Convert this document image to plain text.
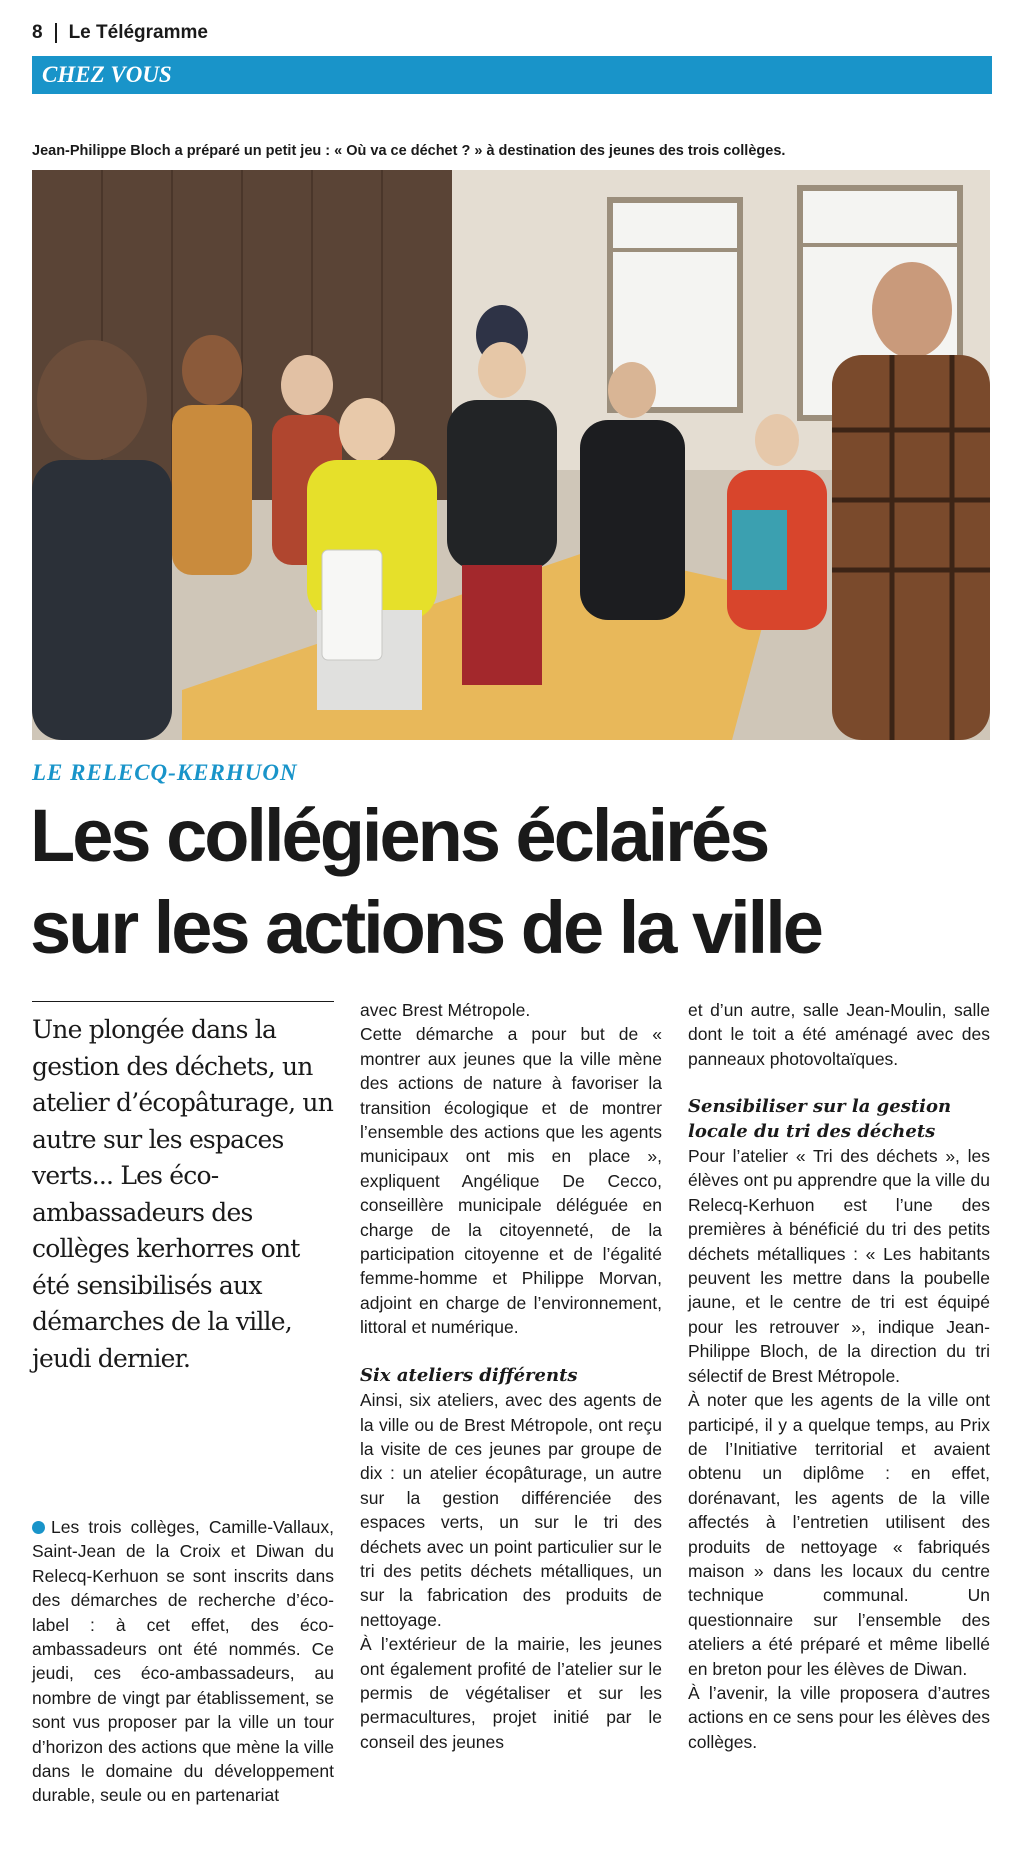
8 Le Télégramme
CHEZ VOUS
Jean-Philippe Bloch a préparé un petit jeu : « Où va ce déchet ? » à destination des jeunes des trois collèges.
LE RELECQ-KERHUON
Les collégiens éclairés
sur les actions de la ville
Une plongée dans la gestion des déchets, un atelier d’écopâturage, un autre sur les espaces verts... Les éco-ambassadeurs des collèges kerhorres ont été sensibilisés aux démarches de la ville, jeudi dernier.

Les trois collèges, Camille-Vallaux, Saint-Jean de la Croix et Diwan du Relecq-Kerhuon se sont inscrits dans des démarches de recherche d’éco-label : à cet effet, des éco-ambassadeurs ont été nommés. Ce jeudi, ces éco-ambassadeurs, au nombre de vingt par établissement, se sont vus proposer par la ville un tour d’horizon des actions que mène la ville dans le domaine du développement durable, seule ou en partenariat

avec Brest Métropole.

Cette démarche a pour but de « montrer aux jeunes que la ville mène des actions de nature à favoriser la transition écologique et de montrer l’ensemble des actions que les agents municipaux ont mis en place », expliquent Angélique De Cecco, conseillère municipale déléguée en charge de la citoyenneté, de la participation citoyenne et de l’égalité femme-homme et Philippe Morvan, adjoint en charge de l’environnement, littoral et numérique.

Six ateliers différents

Ainsi, six ateliers, avec des agents de la ville ou de Brest Métropole, ont reçu la visite de ces jeunes par groupe de dix : un atelier écopâturage, un autre sur la gestion différenciée des espaces verts, un sur le tri des déchets avec un point particulier sur le tri des petits déchets métalliques, un sur la fabrication des produits de nettoyage.

À l’extérieur de la mairie, les jeunes ont également profité de l’atelier sur le permis de végétaliser et sur les permacultures, projet initié par le conseil des jeunes

et d’un autre, salle Jean-Moulin, salle dont le toit a été aménagé avec des panneaux photovoltaïques.

Sensibiliser sur la gestion locale du tri des déchets

Pour l’atelier « Tri des déchets », les élèves ont pu apprendre que la ville du Relecq-Kerhuon est l’une des premières à bénéficié du tri des petits déchets métalliques : « Les habitants peuvent les mettre dans la poubelle jaune, et le centre de tri est équipé pour les retrouver », indique Jean-Philippe Bloch, de la direction du tri sélectif de Brest Métropole.

À noter que les agents de la ville ont participé, il y a quelque temps, au Prix de l’Initiative territorial et avaient obtenu un diplôme : en effet, dorénavant, les agents de la ville affectés à l’entretien utilisent des produits de nettoyage « fabriqués maison » dans les locaux du centre technique communal. Un questionnaire sur l’ensemble des ateliers a été préparé et même libellé en breton pour les élèves de Diwan.

À l’avenir, la ville proposera d’autres actions en ce sens pour les élèves des collèges.
